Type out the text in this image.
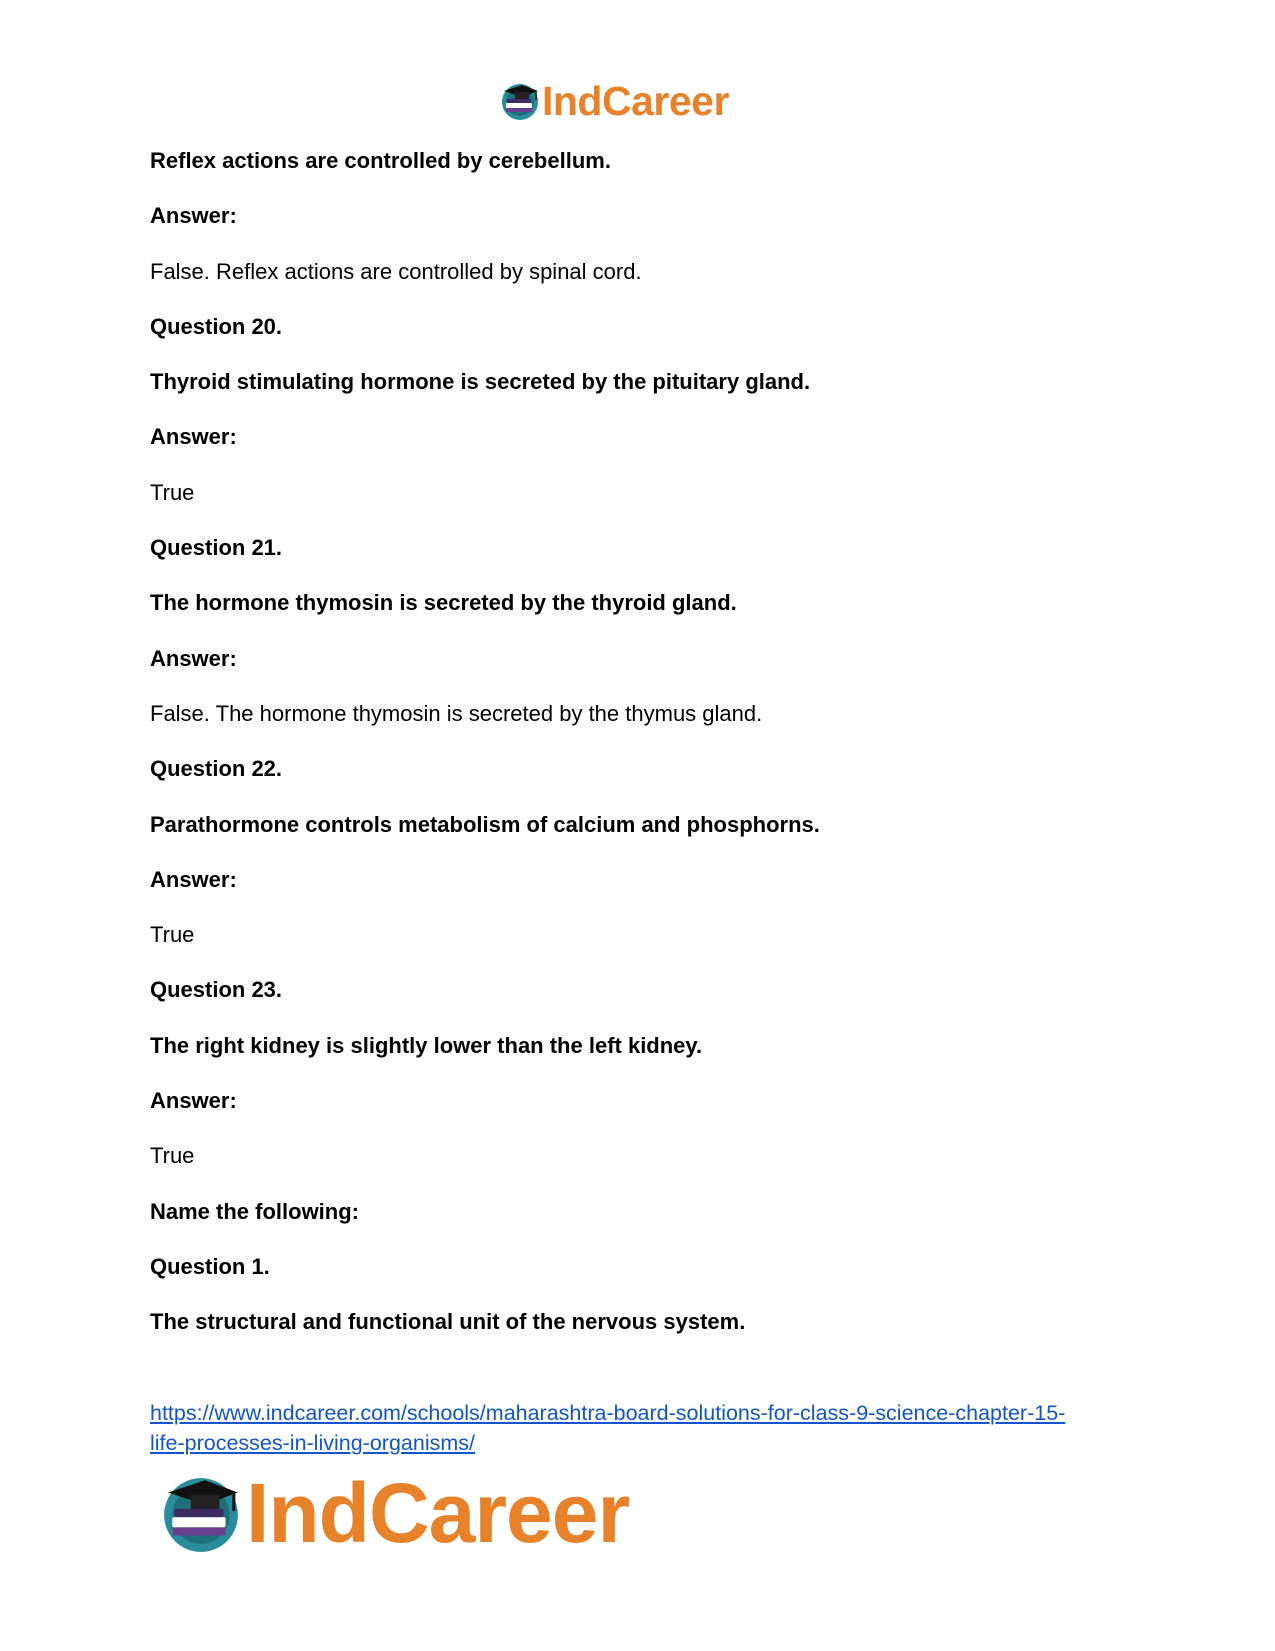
IndCareer
Reflex actions are controlled by cerebellum.
Answer:
False. Reflex actions are controlled by spinal cord.
Question 20.
Thyroid stimulating hormone is secreted by the pituitary gland.
Answer:
True
Question 21.
The hormone thymosin is secreted by the thyroid gland.
Answer:
False. The hormone thymosin is secreted by the thymus gland.
Question 22.
Parathormone controls metabolism of calcium and phosphorns.
Answer:
True
Question 23.
The right kidney is slightly lower than the left kidney.
Answer:
True
Name the following:
Question 1.
The structural and functional unit of the nervous system.
https://www.indcareer.com/schools/maharashtra-board-solutions-for-class-9-science-chapter-15-
life-processes-in-living-organisms/
IndCareer
